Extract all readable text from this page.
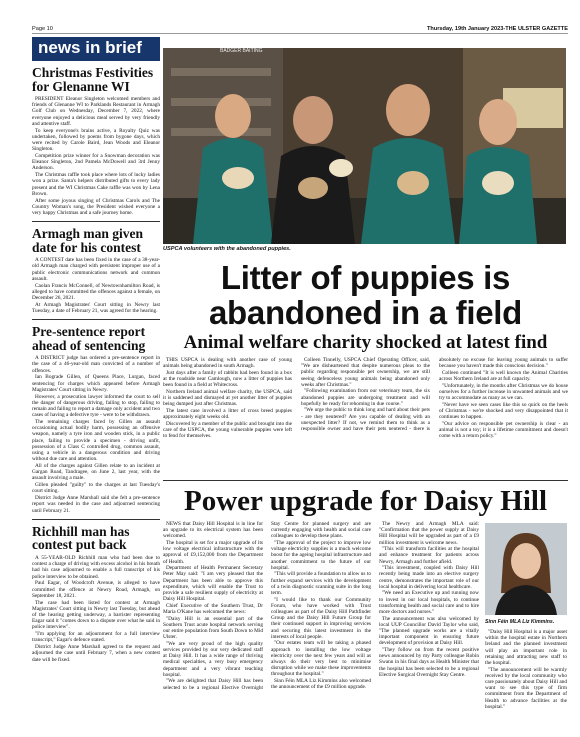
Page 10	Thursday, 19th January 2023-THE ULSTER GAZETTE
news in brief
Christmas Festivities for Glenanne WI

PRESIDENT Eleanor Singleton welcomed members and friends of Glenanne WI to Parklands Restaurant in Armagh Golf Club on Wednesday, December 7, 2022, where everyone enjoyed a delicious meal served by very friendly and attentive staff.

To keep everyone's brains active, a Royalty Quiz was undertaken, followed by poems from bygone days, which were recited by Carole Baird, Jean Woods and Eleanor Singleton.

Competition prize winner for a Snowman decoration was Eleanor Singleton, 2nd Pamela McDowell and 3rd Jenny Anderson.

The Christmas raffle took place where lots of lucky ladies won a prize. Santa's helpers distributed gifts to every lady present and the WI Christmas Cake raffle was won by Lena Brown.

After some joyous singing of Christmas Carols and The Country Woman's song, the President wished everyone a very happy Christmas and a safe journey home.

Armagh man given date for his contest

A CONTEST date has been fixed in the case of a 38-year-old Armagh man charged with persistent improper use of a public electronic communications network and common assault.

Caolan Francis McConnell, of Newtownhamilton Road, is alleged to have committed the offences against a female, on December 26, 2021.

At Armagh Magistrates' Court sitting in Newry last Tuesday, a date of February 21, was agreed for the hearing.

Pre-sentence report ahead of sentencing

A DISTRICT judge has ordered a pre-sentence report in the case of a 46-year-old man convicted of a number of offences.

Ian Bograde Gillen, of Queens Place, Lurgan, faced sentencing for charges which appeared before Armagh Magistrates' Court sitting in Newry.

However, a prosecution lawyer informed the court to sell the danger of dangerous driving, failing to stop, failing to remain and failing to report a damage only accident and two cases of having a defective tyre - were to be withdrawn.

The remaining charges faced by Gillen an assault occasioning actual bodily harm, possessing an offensive weapon, namely a tyre iron and wooden stick, in a public place, failing to provide a specimen - driving unfit, possession of a Class C controlled drug, common assault, using a vehicle in a dangerous condition and driving without due care and attention.

All of the charges against Gillen relate to an incident at Gargan Road, Tandragee, on June 2, last year, with the assault involving a male.

Gillen pleaded "guilty" to the charges at last Tuesday's court sitting.

District Judge Anne Marshall said she felt a pre-sentence report was needed in the case and adjourned sentencing until February 21.

Richhill man has contest put back

A 55-YEAR-OLD Richhill man who had been due to contest a charge of driving with excess alcohol in his breath had his case adjourned to enable a full transcript of his police interview to be obtained.

Paul Eagar, of Woodcroft Avenue, is alleged to have committed the offence at Newry Road, Armagh, on September 18, 2021.

The case had been listed for contest at Armagh Magistrates' Court sitting in Newry last Tuesday, but ahead of the hearing getting underway, a barrister representing Eagar said it "comes down to a dispute over what he said in police interview".

"I'm applying for an adjournment for a full interview transcript," Eagar's defence stated.

District Judge Anne Marshall agreed to the request and adjourned the case until February 7, when a new contest date will be fixed.

BADGER BAITING
USPCA volunteers with the abandoned puppies.
Litter of puppies is abandoned in a field
Animal welfare charity shocked at latest find

THIS USPCA is dealing with another case of young animals being abandoned in south Armagh.

Just days after a family of rabbits had been found in a box at the roadside near Camlough, now a litter of puppies has been found in a field at Whitecross.

Northern Ireland animal welfare charity, the USPCA, said it is saddened and dismayed at yet another litter of puppies being dumped just after Christmas.

The latest case involved a litter of cross breed puppies approximately eight weeks old.

Discovered by a member of the public and brought into the care of the USPCA, the young vulnerable puppies were left to fend for themselves.

Colleen Tinnelly, USPCA Chief Operating Officer, said, "We are disheartened that despite numerous pleas to the public regarding responsible pet ownership, we are still seeing defenceless young animals being abandoned only weeks after Christmas."

"Following examination from our veterinary team, the six abandoned puppies are undergoing treatment and will hopefully be ready for rehoming in due course."

"We urge the public to think long and hard about their pets - are they neutered? Are you capable of dealing with an unexpected litter? If not, we remind them to think as a responsible owner and have their pets neutered - there is absolutely no excuse for leaving young animals to suffer because you haven't made this conscious decision."

Colleen continued "It is well known the Animal Charities across Northern Ireland are at full capacity.

"Unfortunately, in the months after Christmas we do house ourselves for a further increase in unwanted animals and we try to accommodate as many as we can.

"Never have we seen cases like this so quick on the heels of Christmas - we're shocked and very disappointed that it continues to happen.

"Our advice on responsible pet ownership is clear - an animal is not a toy; it is a lifetime commitment and doesn't come with a return policy."

Power upgrade for Daisy Hill

NEWS that Daisy Hill Hospital is in line for an upgrade to its electrical system has been welcomed.

The hospital is set for a major upgrade of its low voltage electrical infrastructure with the approval of £9,152,000 from the Department of Health.

Department of Health Permanent Secretary Peter May said: "I am very pleased that the Department has been able to approve this expenditure, which will enable the Trust to provide a safe resilient supply of electricity at Daisy Hill Hospital.

Chief Executive of the Southern Trust, Dr Maria O'Kane has welcomed the news:

"Daisy Hill is an essential part of the Southern Trust acute hospital network serving our entire population from South Down to Mid Ulster.

"We are very proud of the high quality services provided by our very dedicated staff at Daisy Hill. It has a wide range of thriving medical specialties, a very busy emergency department and a very vibrant teaching hospital.

"We are delighted that Daisy Hill has been selected to be a regional Elective Overnight Stay Centre for planned surgery and are currently engaging with health and social care colleagues to develop these plans.

"The approval of the project to improve low voltage electricity supplies is a much welcome boost for the ageing hospital infrastructure and another commitment to the future of our hospital.

"This will provide a foundation to allow us to further expand services with the development of a twin diagnostic scanning suite in the long term.

"I would like to thank our Community Forum, who have worked with Trust colleagues as part of the Daisy Hill Pathfinder Group and the Daisy Hill Future Group for their continued support in improving services and securing this latest investment in the interests of local people.

"Our estates team will be taking a phased approach to installing the low voltage electricity over the next few years and will as always do their very best to minimise disruption while we make these improvements throughout the hospital."

Sinn Féin MLA Liz Kimmins also welcomed the announcement of the £9 million upgrade.

The Newry and Armagh MLA said: "Confirmation that the power supply at Daisy Hill Hospital will be upgraded as part of a £9 million investment is welcome news.

"This will transform facilities at the hospital and enhance treatment for patients across Newry, Armagh and further afield.

"This investment, coupled with Daisy Hill recently being made into an elective surgery centre, demonstrates the important role of our local hospital in delivering local healthcare.

"We need an Executive up and running now to invest in our local hospitals, to continue transforming health and social care and to hire more doctors and nurses."

The announcement was also welcomed by local UUP Councillor David Taylor who said, "The planned upgrade works are a vitally important component in ensuring future development of provision at Daisy Hill.

"They follow on from the recent positive news announced by my Party colleague Robin Swann in his final days as Health Minister that the hospital has been selected to be a regional Elective Surgical Overnight Stay Centre.

Sinn Féin MLA Liz Kimmins.

"Daisy Hill Hospital is a major asset within the hospital estate in Northern Ireland and the planned investment will play an important role in retaining and attracting new staff to the hospital.

"The announcement will be warmly received by the local community who care passionately about Daisy Hill and want to see this type of firm commitment from the Department of Health to advance facilities at the hospital."
